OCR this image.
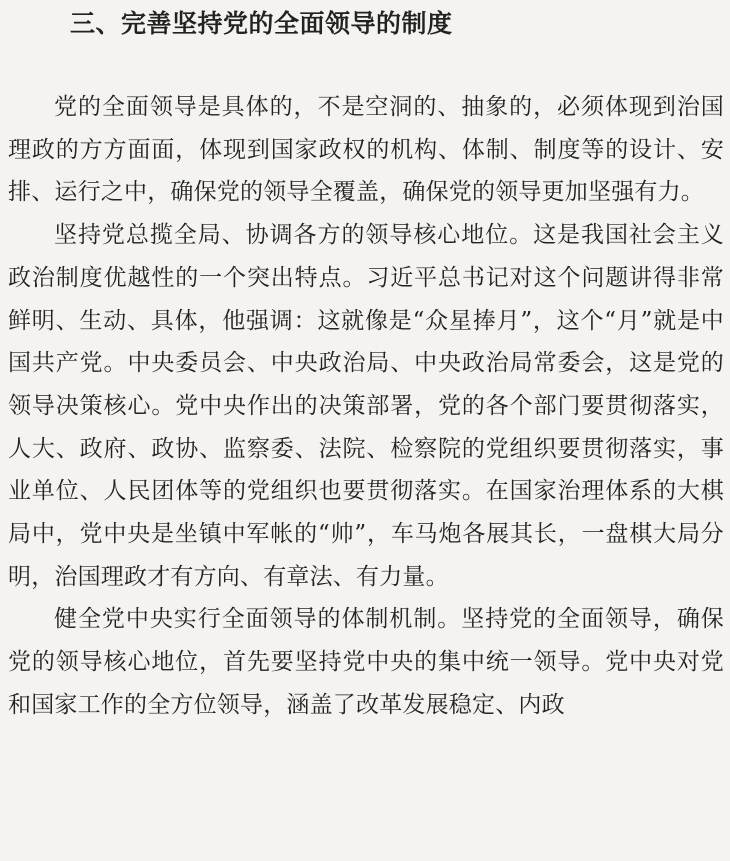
三、完善坚持党的全面领导的制度

党的全面领导是具体的，不是空洞的、抽象的，必须体现到治国理政的方方面面，体现到国家政权的机构、体制、制度等的设计、安排、运行之中，确保党的领导全覆盖，确保党的领导更加坚强有力。

坚持党总揽全局、协调各方的领导核心地位。这是我国社会主义政治制度优越性的一个突出特点。习近平总书记对这个问题讲得非常鲜明、生动、具体，他强调：这就像是“众星捧月”，这个“月”就是中国共产党。中央委员会、中央政治局、中央政治局常委会，这是党的领导决策核心。党中央作出的决策部署，党的各个部门要贯彻落实，人大、政府、政协、监察委、法院、检察院的党组织要贯彻落实，事业单位、人民团体等的党组织也要贯彻落实。在国家治理体系的大棋局中，党中央是坐镇中军帐的“帅”，车马炮各展其长，一盘棋大局分明，治国理政才有方向、有章法、有力量。

健全党中央实行全面领导的体制机制。坚持党的全面领导，确保党的领导核心地位，首先要坚持党中央的集中统一领导。党中央对党和国家工作的全方位领导，涵盖了改革发展稳定、内政
